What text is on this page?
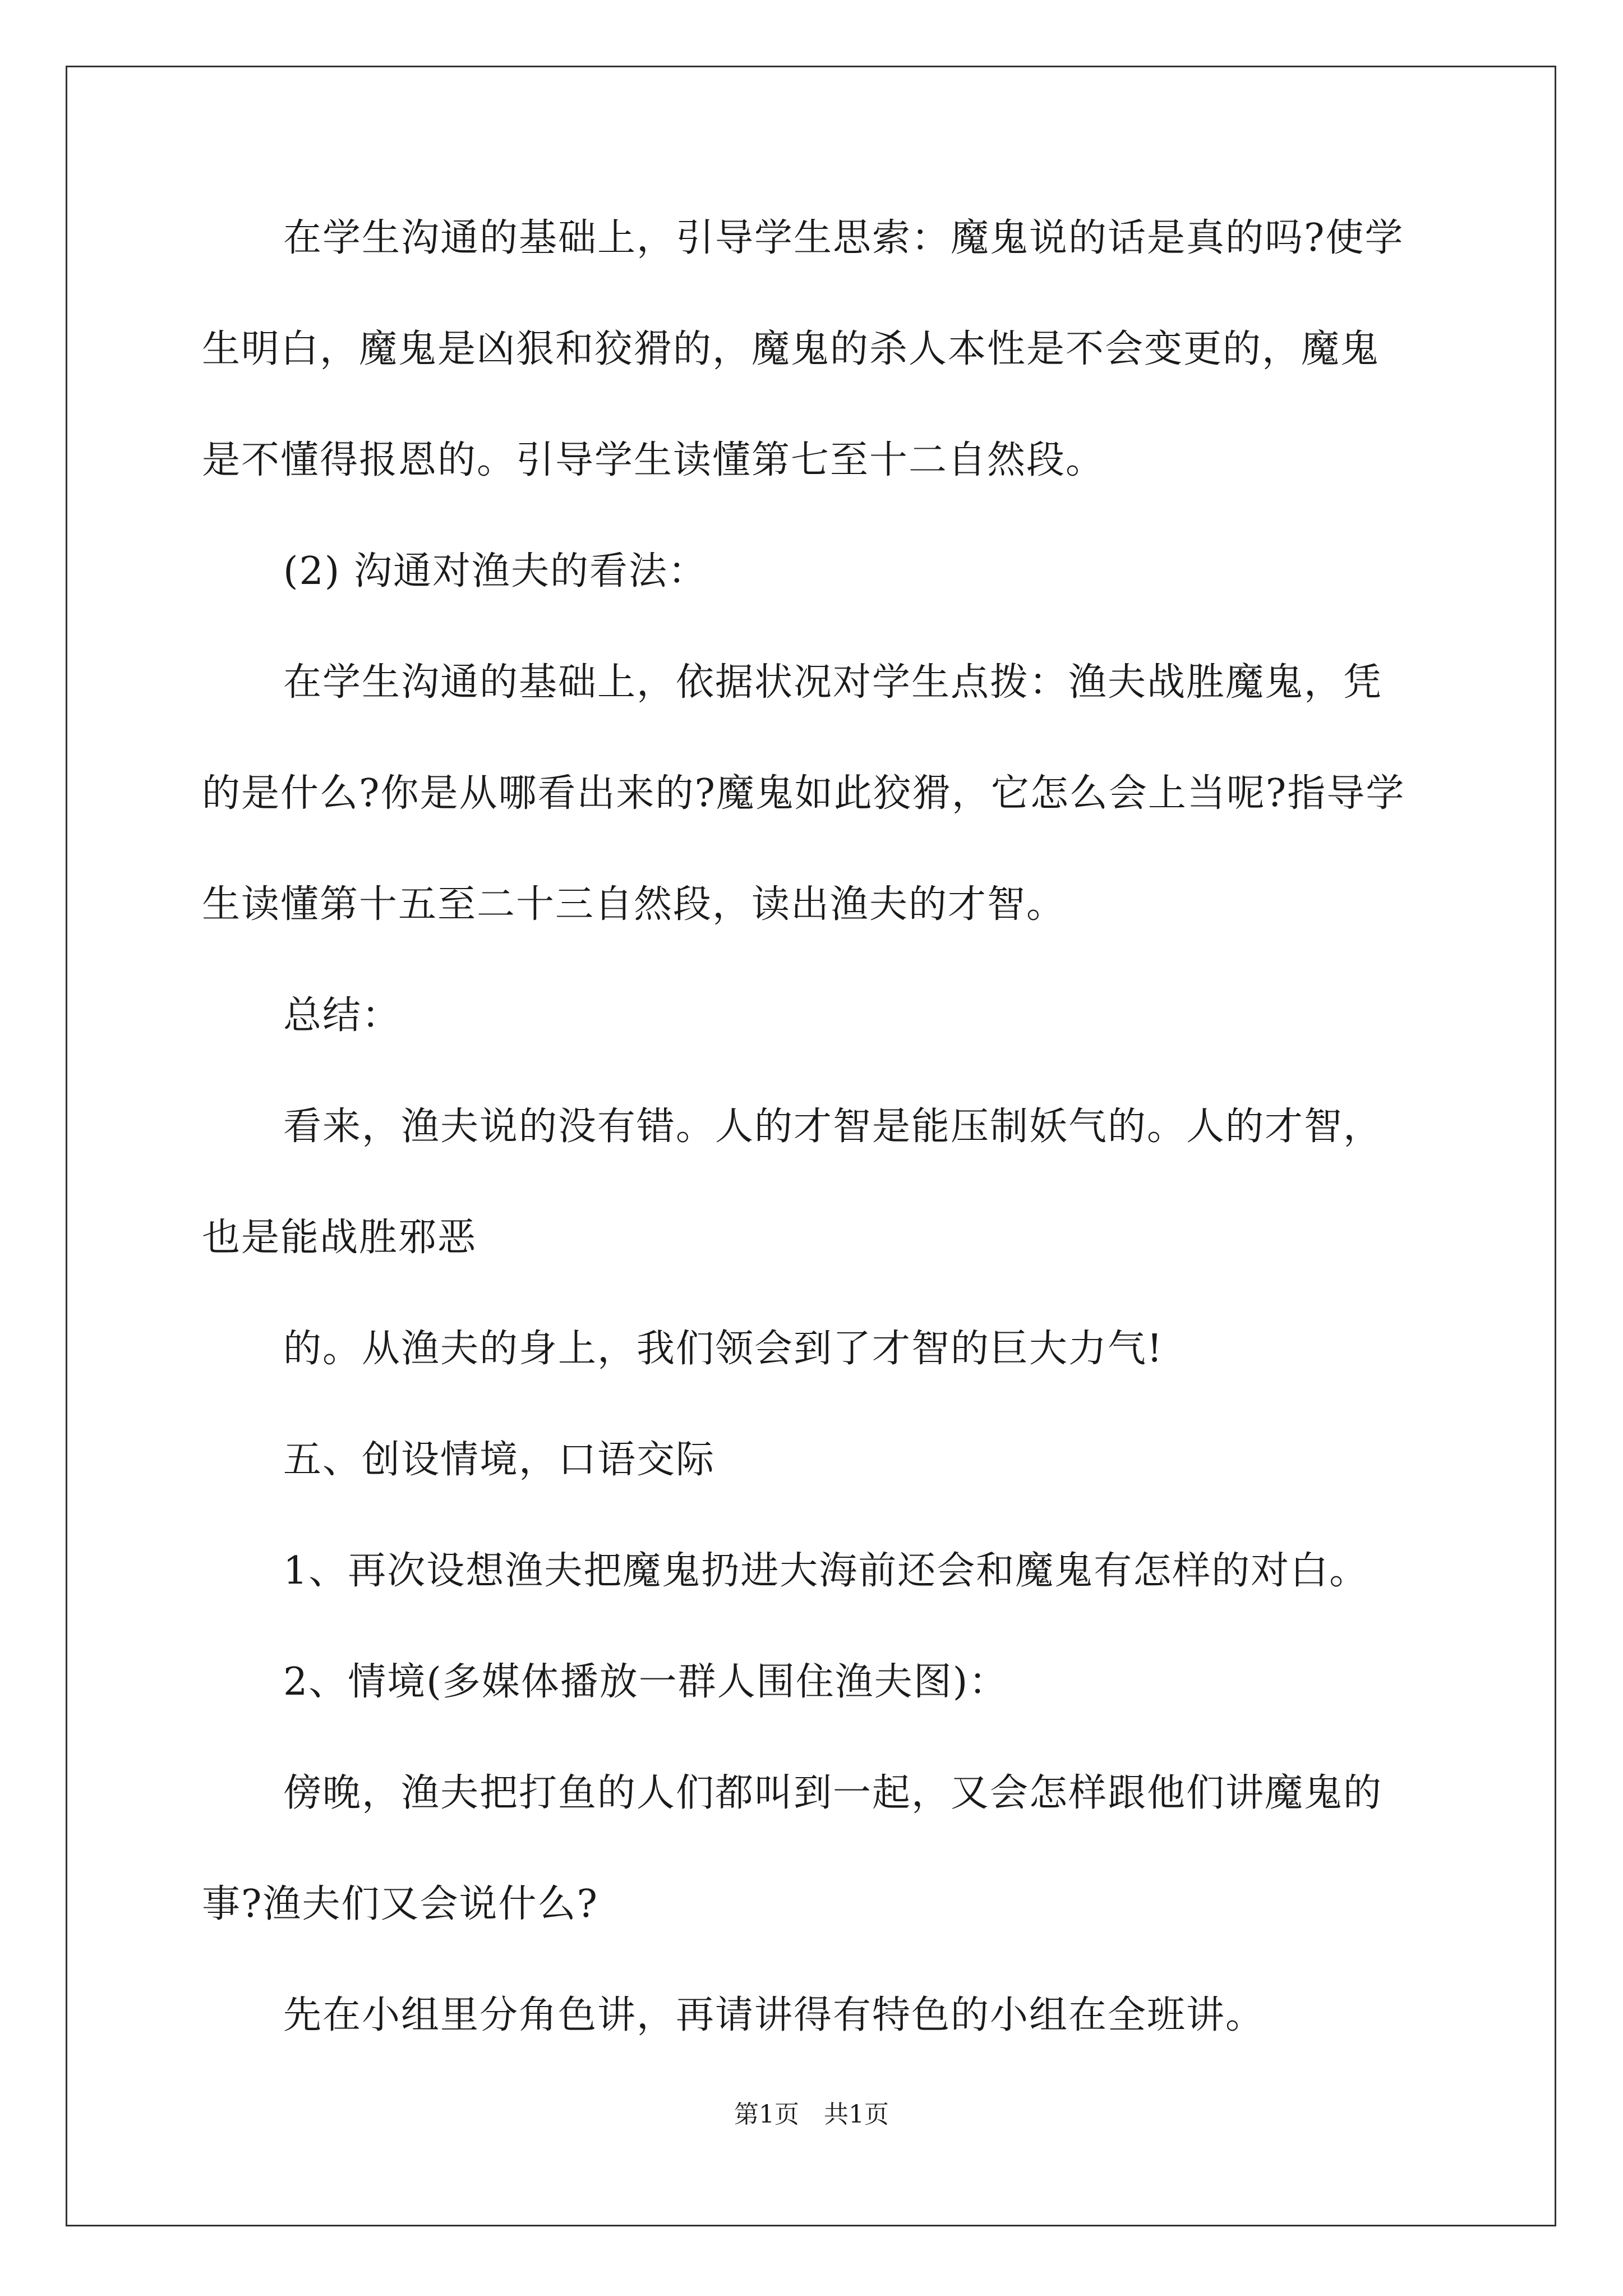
在学生沟通的基础上，引导学生思索：魔鬼说的话是真的吗?使学
生明白，魔鬼是凶狠和狡猾的，魔鬼的杀人本性是不会变更的，魔鬼
是不懂得报恩的。引导学生读懂第七至十二自然段。
(2) 沟通对渔夫的看法：
在学生沟通的基础上，依据状况对学生点拨：渔夫战胜魔鬼，凭
的是什么?你是从哪看出来的?魔鬼如此狡猾，它怎么会上当呢?指导学
生读懂第十五至二十三自然段，读出渔夫的才智。
总结：
看来，渔夫说的没有错。人的才智是能压制妖气的。人的才智，
也是能战胜邪恶
的。从渔夫的身上，我们领会到了才智的巨大力气!
五、创设情境，口语交际
1、再次设想渔夫把魔鬼扔进大海前还会和魔鬼有怎样的对白。
2、情境(多媒体播放一群人围住渔夫图)：
傍晚，渔夫把打鱼的人们都叫到一起，又会怎样跟他们讲魔鬼的
事?渔夫们又会说什么?
先在小组里分角色讲，再请讲得有特色的小组在全班讲。
第1页　共1页
